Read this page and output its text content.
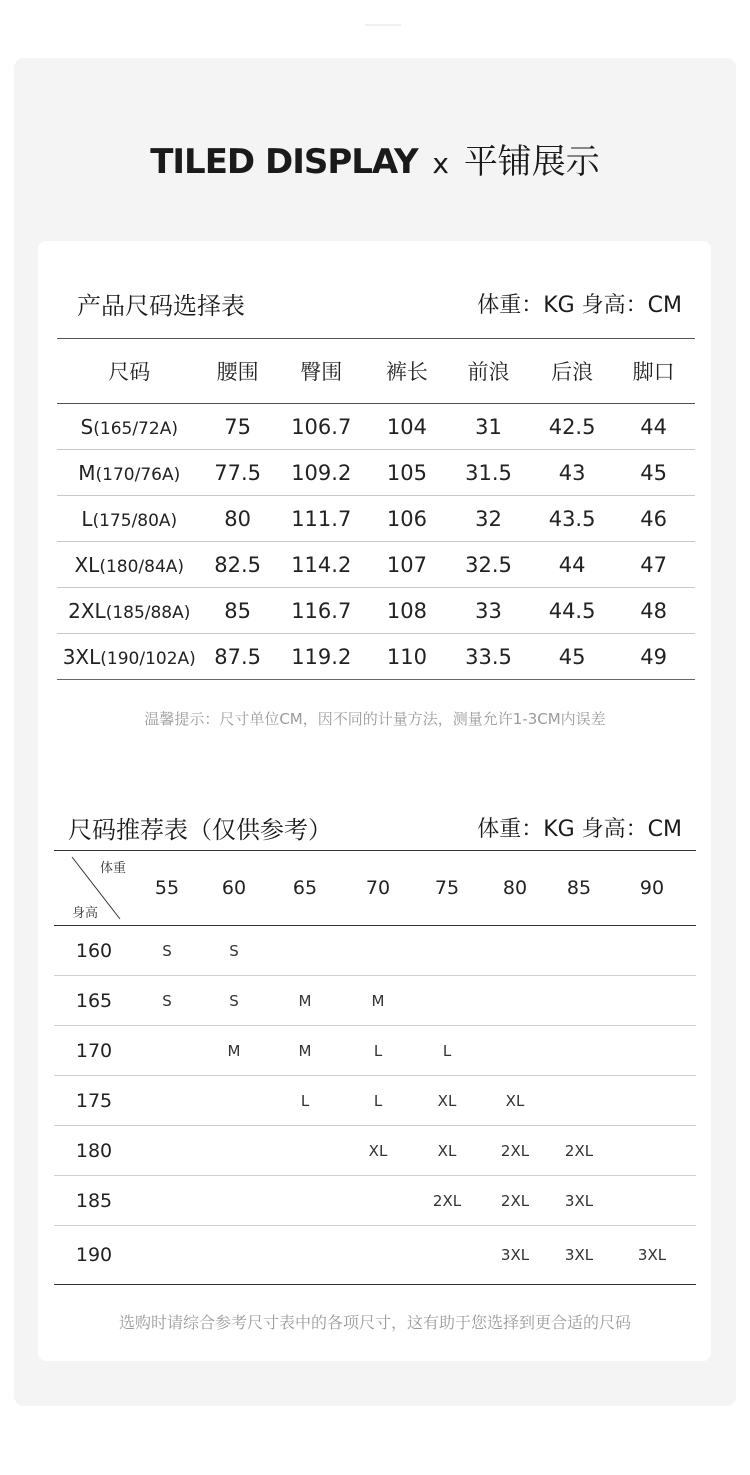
TILED DISPLAY x 平铺展示
产品尺码选择表	体重：KG 身高：CM
尺码	腰围	臀围	裤长	前浪	后浪	脚口
S(165/72A)	75	106.7	104	31	42.5	44
M(170/76A)	77.5	109.2	105	31.5	43	45
L(175/80A)	80	111.7	106	32	43.5	46
XL(180/84A)	82.5	114.2	107	32.5	44	47
2XL(185/88A)	85	116.7	108	33	44.5	48
3XL(190/102A)	87.5	119.2	110	33.5	45	49
温馨提示：尺寸单位CM，因不同的计量方法，测量允许1-3CM内误差
尺码推荐表（仅供参考）	体重：KG 身高：CM
体重
身高	55	60	65	70	75	80	85	90
160	S	S						
165	S	S	M	M				
170		M	M	L	L			
175			L	L	XL	XL		
180				XL	XL	2XL	2XL	
185					2XL	2XL	3XL	
190						3XL	3XL	3XL
选购时请综合参考尺寸表中的各项尺寸，这有助于您选择到更合适的尺码
